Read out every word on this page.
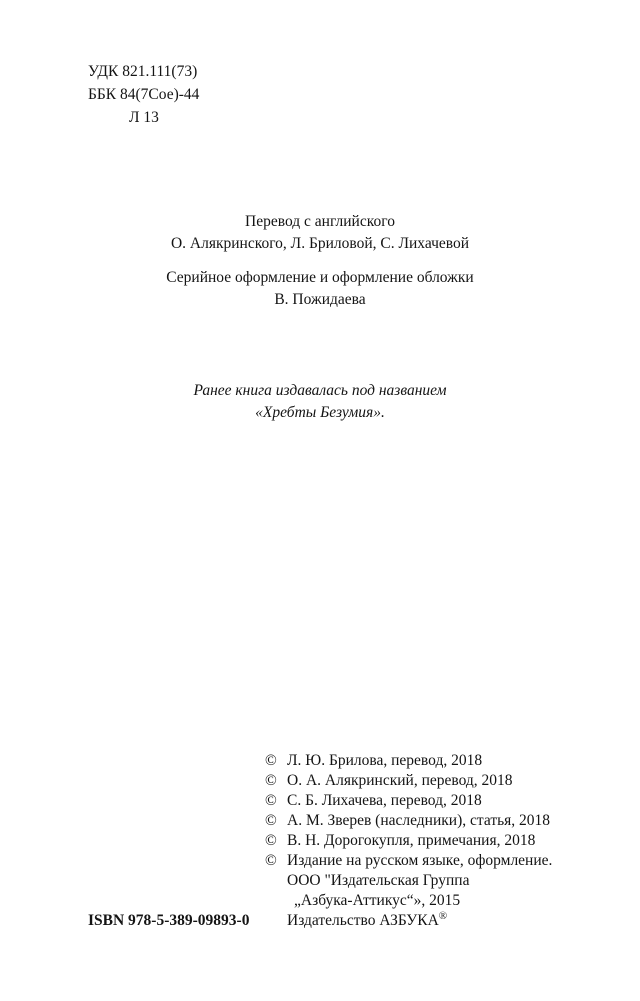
УДК 821.111(73)
ББК 84(7Сое)-44
Л 13
Перевод с английского
О. Алякринского, Л. Бриловой, С. Лихачевой
Серийное оформление и оформление обложки
В. Пожидаева
Ранее книга издавалась под названием
«Хребты Безумия».
© Л. Ю. Брилова, перевод, 2018
© О. А. Алякринский, перевод, 2018
© С. Б. Лихачева, перевод, 2018
© А. М. Зверев (наследники), статья, 2018
© В. Н. Дорогокупля, примечания, 2018
© Издание на русском языке, оформление.
ООО "Издательская Группа
„Азбука-Аттикус“», 2015
Издательство АЗБУКА®
ISBN 978-5-389-09893-0
